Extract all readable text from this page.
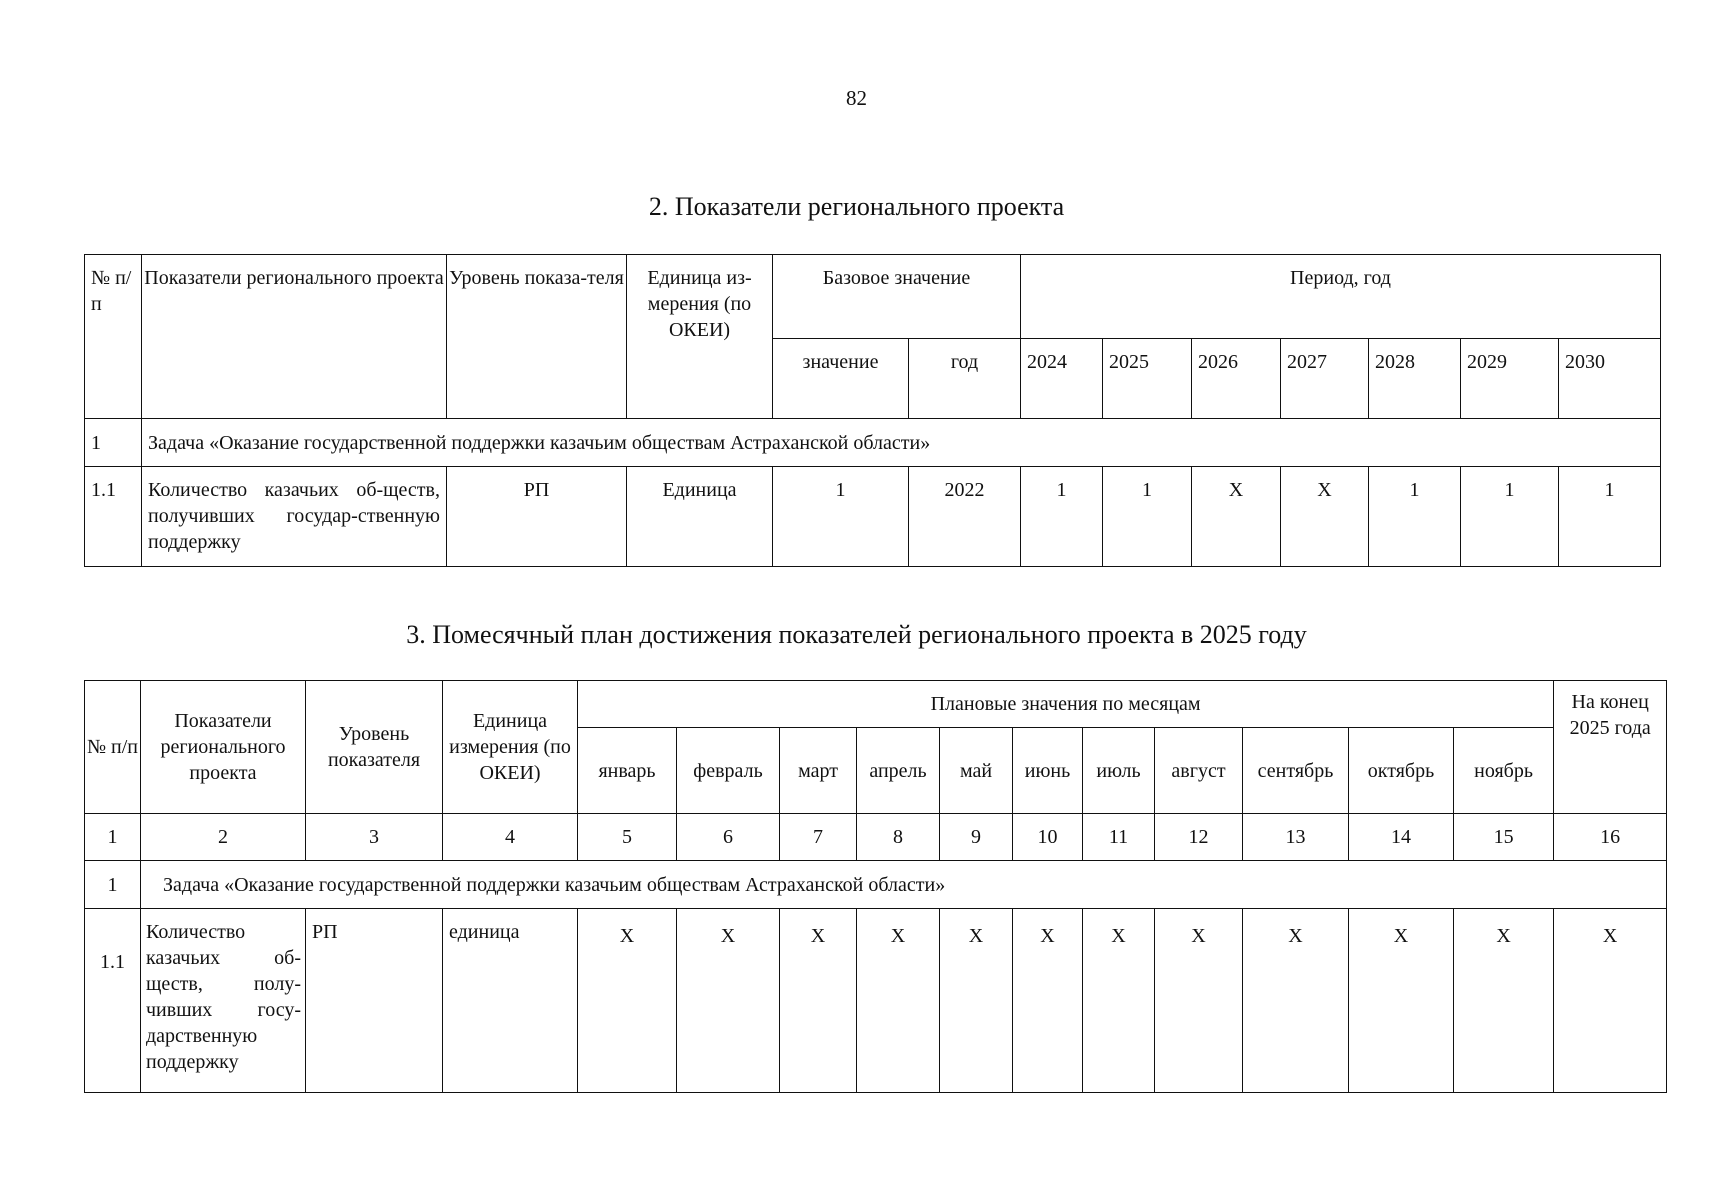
82
2. Показатели регионального проекта
№ п/п	Показатели регионального проекта	Уровень показа-теля	Единица из-мерения (по ОКЕИ)	Базовое значение		Период, год						
				значение	год	2024	2025	2026	2027	2028	2029	2030
1	Задача «Оказание государственной поддержки казачьим обществам Астраханской области»											
1.1	Количество казачьих об-ществ, получивших государ-ственную поддержку	РП	Единица	1	2022	1	1	Х	Х	1	1	1
3. Помесячный план достижения показателей регионального проекта в 2025 году
№ п/п	Показатели регионального проекта	Уровень показателя	Единица измерения (по ОКЕИ)	Плановые значения по месяцам											На конец 2025 года
				январь	февраль	март	апрель	май	июнь	июль	август	сентябрь	октябрь	ноябрь	
1	2	3	4	5	6	7	8	9	10	11	12	13	14	15	16
1	Задача «Оказание государственной поддержки казачьим обществам Астраханской области»														
1.1	Количество казачьих об-ществ, полу-чивших госу-дарственную поддержку	РП	единица	Х	Х	Х	Х	Х	Х	Х	Х	Х	Х	Х	Х
